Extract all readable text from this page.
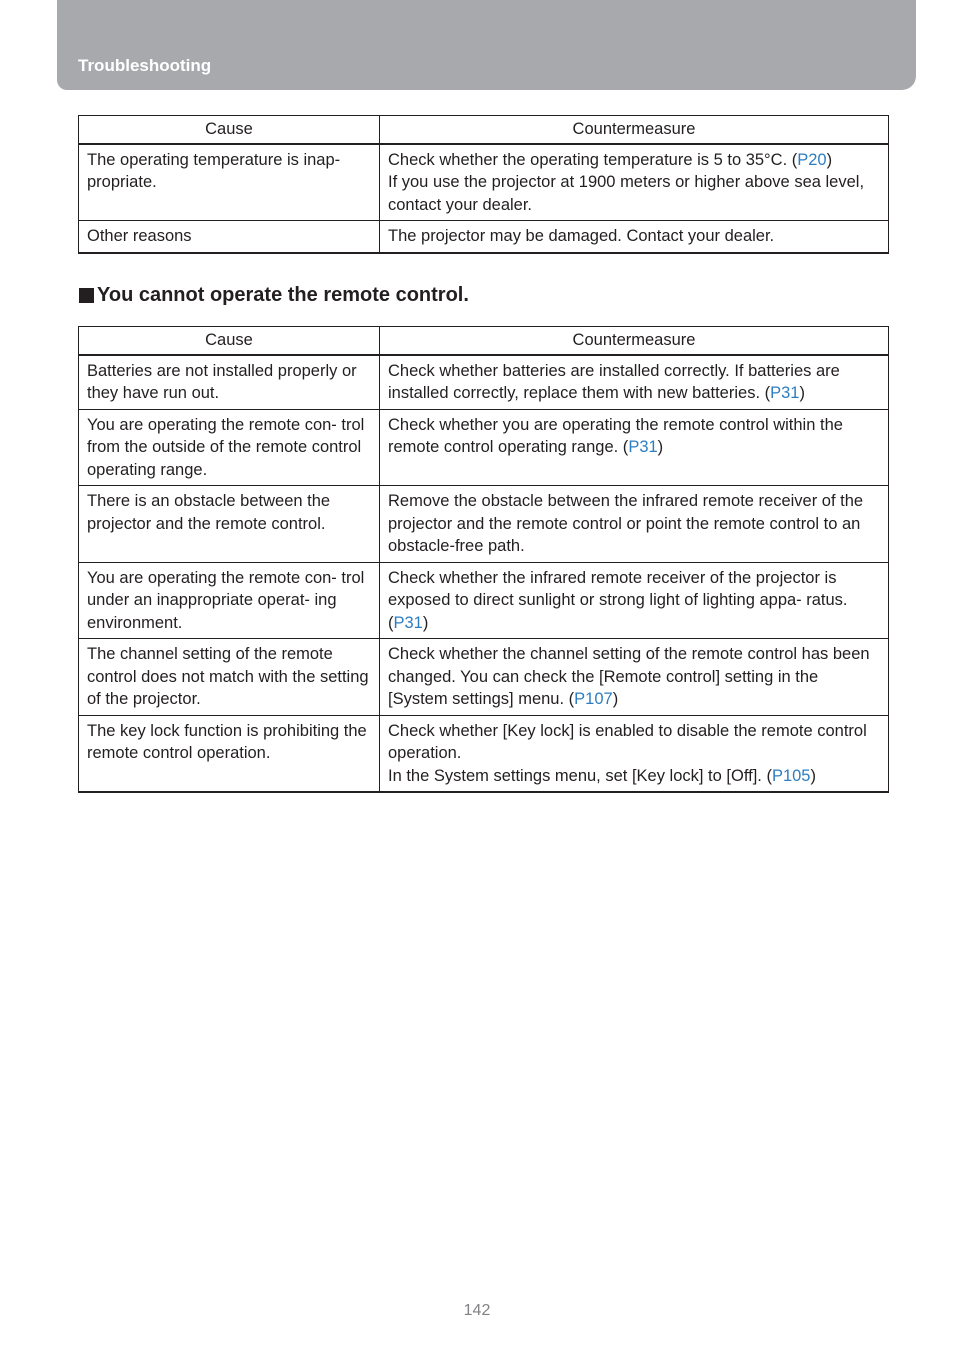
Troubleshooting
Cause	Countermeasure
The operating temperature is inap- propriate.	Check whether the operating temperature is 5 to 35°C. (P20)
If you use the projector at 1900 meters or higher above sea level, contact your dealer.
Other reasons	The projector may be damaged. Contact your dealer.
You cannot operate the remote control.
Cause	Countermeasure
Batteries are not installed properly or they have run out.	Check whether batteries are installed correctly. If batteries are installed correctly, replace them with new batteries. (P31)
You are operating the remote con- trol from the outside of the remote control operating range.	Check whether you are operating the remote control within the remote control operating range. (P31)
There is an obstacle between the projector and the remote control.	Remove the obstacle between the infrared remote receiver of the projector and the remote control or point the remote control to an obstacle-free path.
You are operating the remote con- trol under an inappropriate operat- ing environment.	Check whether the infrared remote receiver of the projector is exposed to direct sunlight or strong light of lighting appa- ratus. (P31)
The channel setting of the remote control does not match with the setting of the projector.	Check whether the channel setting of the remote control has been changed. You can check the [Remote control] setting in the [System settings] menu. (P107)
The key lock function is prohibiting the remote control operation.	Check whether [Key lock] is enabled to disable the remote control operation.
In the System settings menu, set [Key lock] to [Off]. (P105)
142
